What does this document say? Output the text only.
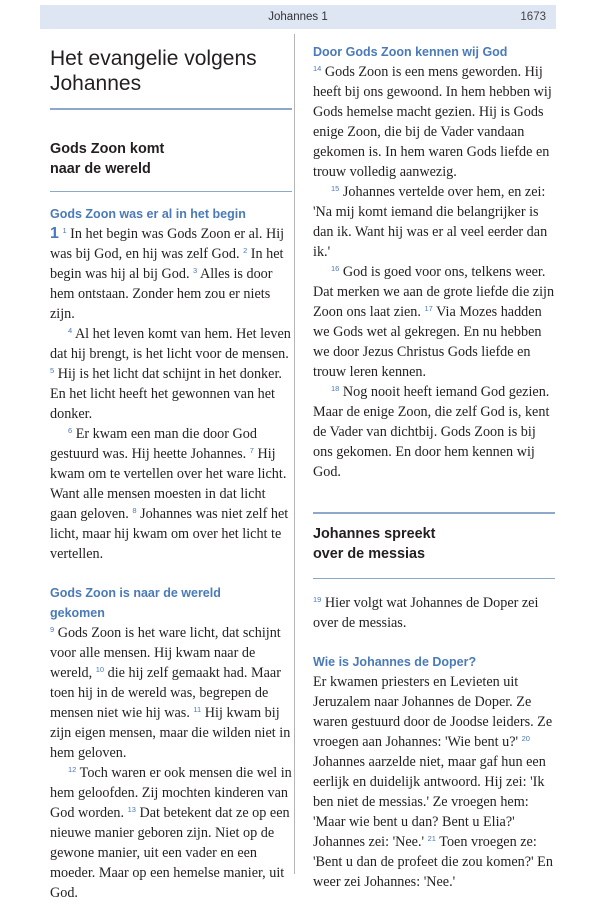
Johannes 1	1673
Het evangelie volgens
Johannes
Gods Zoon komt
naar de wereld
Gods Zoon was er al in het begin

1 $^1$ In het begin was Gods Zoon er al. Hij was bij God, en hij was zelf God. $^2$ In het begin was hij al bij God. $^3$ Alles is door hem ontstaan. Zonder hem zou er niets zijn.

$^4$ Al het leven komt van hem. Het leven dat hij brengt, is het licht voor de mensen. $^5$ Hij is het licht dat schijnt in het donker. En het licht heeft het gewonnen van het donker.

$^6$ Er kwam een man die door God gestuurd was. Hij heette Johannes. $^7$ Hij kwam om te vertellen over het ware licht. Want alle mensen moesten in dat licht gaan geloven. $^8$ Johannes was niet zelf het licht, maar hij kwam om over het licht te vertellen.

Gods Zoon is naar de wereld
gekomen

$^9$ Gods Zoon is het ware licht, dat schijnt voor alle mensen. Hij kwam naar de wereld, $^{10}$ die hij zelf gemaakt had. Maar toen hij in de wereld was, begrepen de mensen niet wie hij was. $^{11}$ Hij kwam bij zijn eigen mensen, maar die wilden niet in hem geloven.

$^{12}$ Toch waren er ook mensen die wel in hem geloofden. Zij mochten kinderen van God worden. $^{13}$ Dat betekent dat ze op een nieuwe manier geboren zijn. Niet op de gewone manier, uit een vader en een moeder. Maar op een hemelse manier, uit God.

Door Gods Zoon kennen wij God

$^{14}$ Gods Zoon is een mens geworden. Hij heeft bij ons gewoond. In hem hebben wij Gods hemelse macht gezien. Hij is Gods enige Zoon, die bij de Vader vandaan gekomen is. In hem waren Gods liefde en trouw volledig aanwezig.

$^{15}$ Johannes vertelde over hem, en zei: 'Na mij komt iemand die belangrijker is dan ik. Want hij was er al veel eerder dan ik.'

$^{16}$ God is goed voor ons, telkens weer. Dat merken we aan de grote liefde die zijn Zoon ons laat zien. $^{17}$ Via Mozes hadden we Gods wet al gekregen. En nu hebben we door Jezus Christus Gods liefde en trouw leren kennen.

$^{18}$ Nog nooit heeft iemand God gezien. Maar de enige Zoon, die zelf God is, kent de Vader van dichtbij. Gods Zoon is bij ons gekomen. En door hem kennen wij God.

Johannes spreekt
over de messias

$^{19}$ Hier volgt wat Johannes de Doper zei over de messias.

Wie is Johannes de Doper?

Er kwamen priesters en Levieten uit Jeruzalem naar Johannes de Doper. Ze waren gestuurd door de Joodse leiders. Ze vroegen aan Johannes: 'Wie bent u?' $^{20}$ Johannes aarzelde niet, maar gaf hun een eerlijk en duidelijk antwoord. Hij zei: 'Ik ben niet de messias.' Ze vroegen hem: 'Maar wie bent u dan? Bent u Elia?' Johannes zei: 'Nee.' $^{21}$ Toen vroegen ze: 'Bent u dan de profeet die zou komen?' En weer zei Johannes: 'Nee.'
